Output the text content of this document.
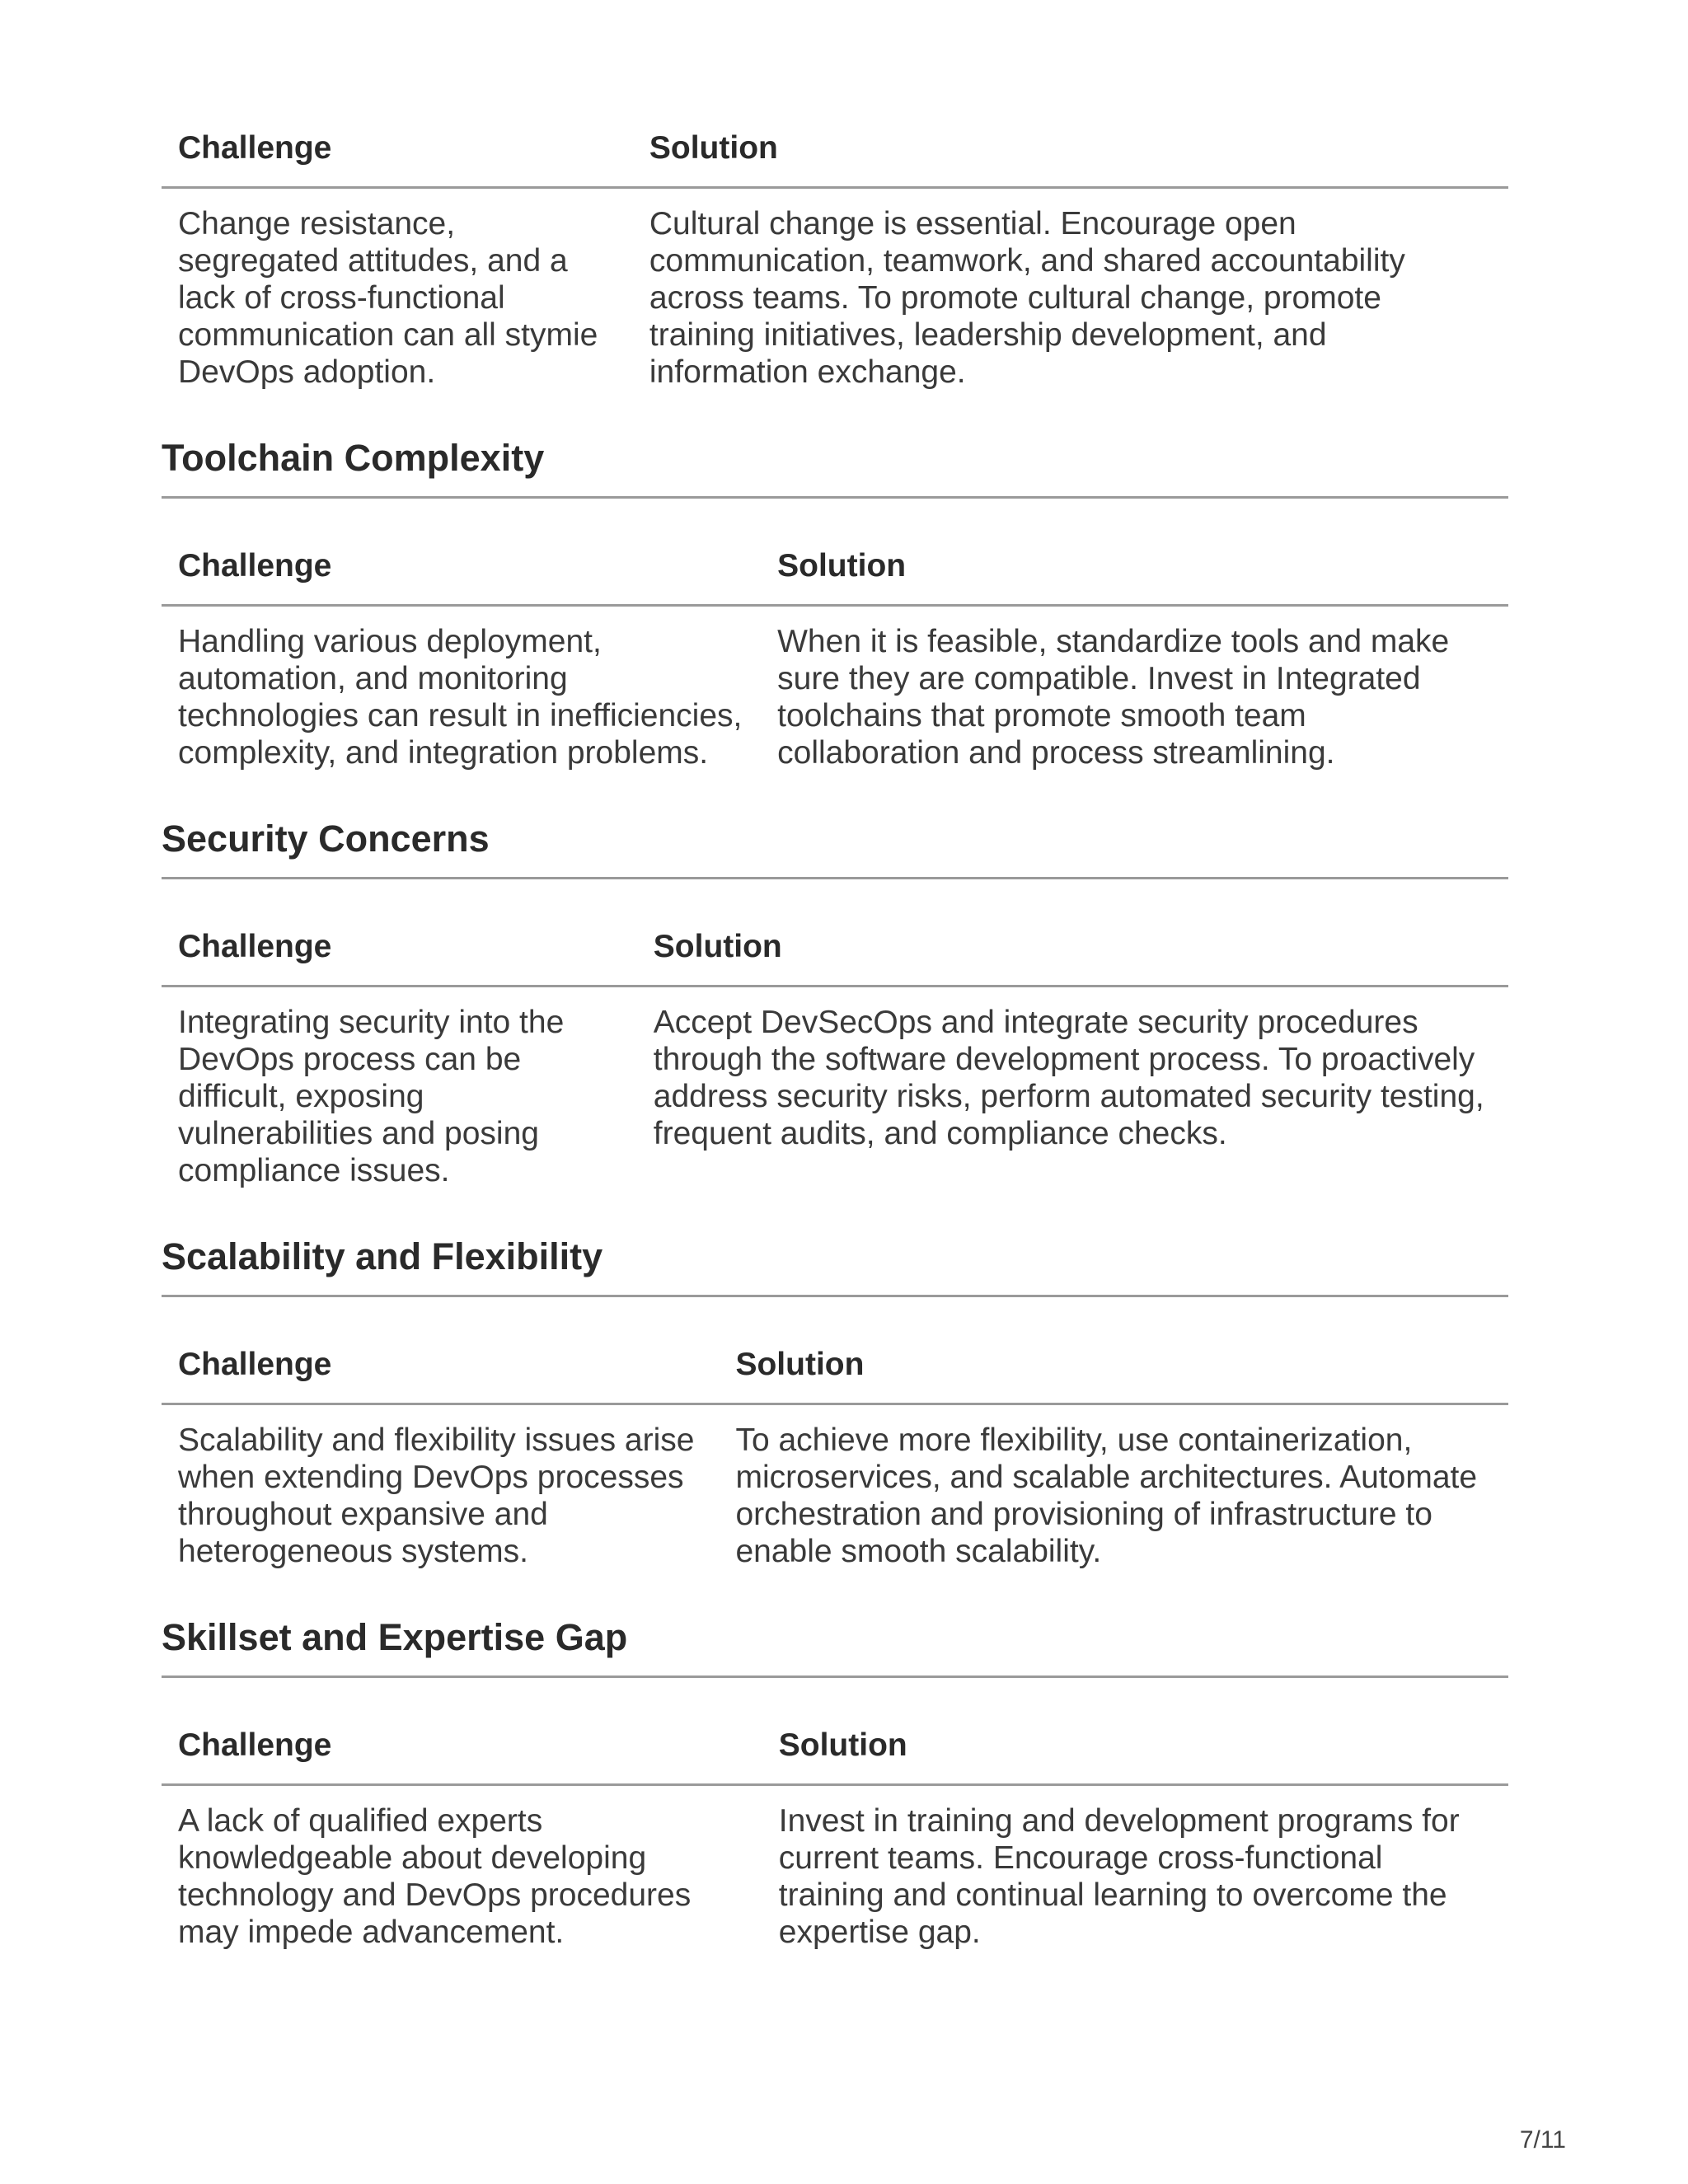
Challenge	Solution
Change resistance, segregated attitudes, and a lack of cross-functional communication can all stymie DevOps adoption.	Cultural change is essential. Encourage open communication, teamwork, and shared accountability across teams. To promote cultural change, promote training initiatives, leadership development, and information exchange.
Toolchain Complexity
Challenge	Solution
Handling various deployment, automation, and monitoring technologies can result in inefficiencies, complexity, and integration problems.	When it is feasible, standardize tools and make sure they are compatible. Invest in Integrated toolchains that promote smooth team collaboration and process streamlining.
Security Concerns
Challenge	Solution
Integrating security into the DevOps process can be difficult, exposing vulnerabilities and posing compliance issues.	Accept DevSecOps and integrate security procedures through the software development process. To proactively address security risks, perform automated security testing, frequent audits, and compliance checks.
Scalability and Flexibility
Challenge	Solution
Scalability and flexibility issues arise when extending DevOps processes throughout expansive and heterogeneous systems.	To achieve more flexibility, use containerization, microservices, and scalable architectures. Automate orchestration and provisioning of infrastructure to enable smooth scalability.
Skillset and Expertise Gap
Challenge	Solution
A lack of qualified experts knowledgeable about developing technology and DevOps procedures may impede advancement.	Invest in training and development programs for current teams. Encourage cross-functional training and continual learning to overcome the expertise gap.
7/11
